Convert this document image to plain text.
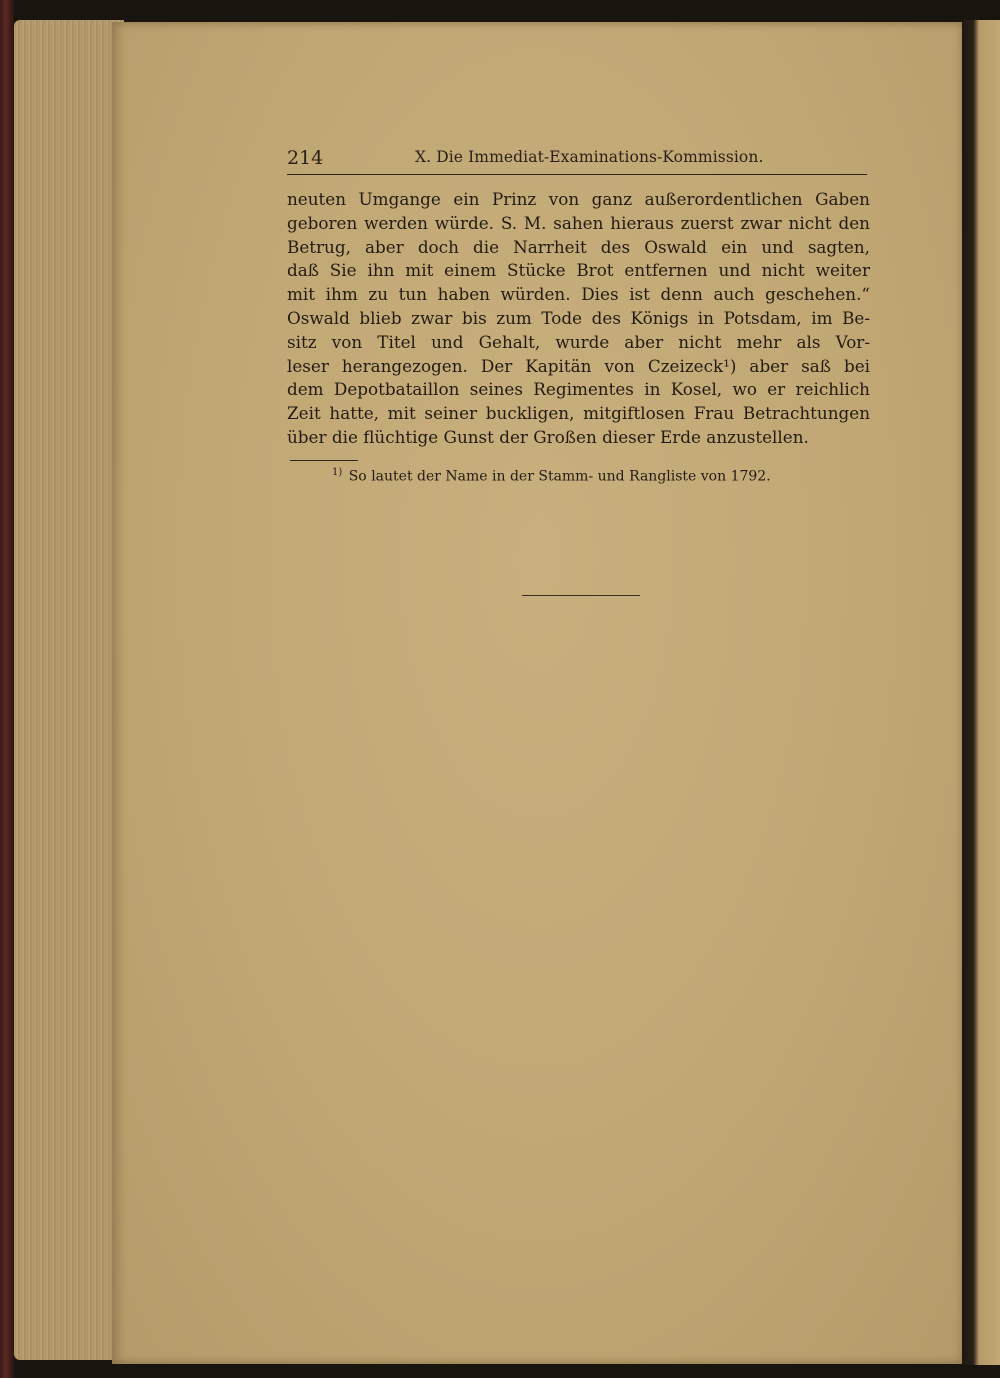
214	X. Die Immediat-Examinations-Kommission.
neuten Umgange ein Prinz von ganz außerordentlichen Gaben
geboren werden würde. S. M. sahen hieraus zuerst zwar nicht den
Betrug, aber doch die Narrheit des Oswald ein und sagten,
daß Sie ihn mit einem Stücke Brot entfernen und nicht weiter
mit ihm zu tun haben würden. Dies ist denn auch geschehen.“
Oswald blieb zwar bis zum Tode des Königs in Potsdam, im Be-
sitz von Titel und Gehalt, wurde aber nicht mehr als Vor-
leser herangezogen. Der Kapitän von Czeizeck¹) aber saß bei
dem Depotbataillon seines Regimentes in Kosel, wo er reichlich
Zeit hatte, mit seiner buckligen, mitgiftlosen Frau Betrachtungen
über die flüchtige Gunst der Großen dieser Erde anzustellen.
$^{1)}$ So lautet der Name in der Stamm- und Rangliste von 1792.
